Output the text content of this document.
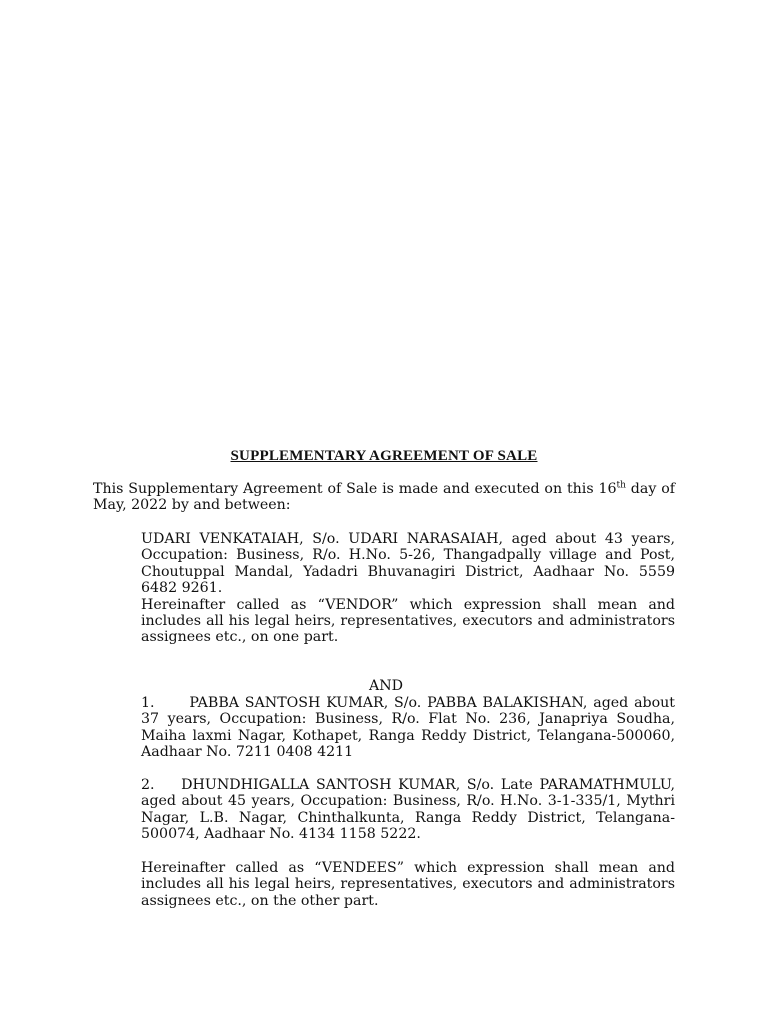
SUPPLEMENTARY AGREEMENT OF SALE
This Supplementary Agreement of Sale is made and executed on this 16th day of May, 2022 by and between:

UDARI VENKATAIAH, S/o. UDARI NARASAIAH, aged about 43 years, Occupation: Business, R/o. H.No. 5-26, Thangadpally village and Post, Choutuppal Mandal, Yadadri Bhuvanagiri District, Aadhaar No. 5559 6482 9261.

Hereinafter called as “VENDOR” which expression shall mean and includes all his legal heirs, representatives, executors and administrators assignees etc., on one part.

AND

1.      PABBA SANTOSH KUMAR, S/o. PABBA BALAKISHAN, aged about 37 years, Occupation: Business, R/o. Flat No. 236, Janapriya Soudha, Maiha laxmi Nagar, Kothapet, Ranga Reddy District, Telangana-500060, Aadhaar No. 7211 0408 4211

2.    DHUNDHIGALLA SANTOSH KUMAR, S/o. Late PARAMATHMULU, aged about 45 years, Occupation: Business, R/o. H.No. 3-1-335/1, Mythri Nagar, L.B. Nagar, Chinthalkunta, Ranga Reddy District, Telangana-500074, Aadhaar No. 4134 1158 5222.

Hereinafter called as “VENDEES” which expression shall mean and includes all his legal heirs, representatives, executors and administrators assignees etc., on the other part.
